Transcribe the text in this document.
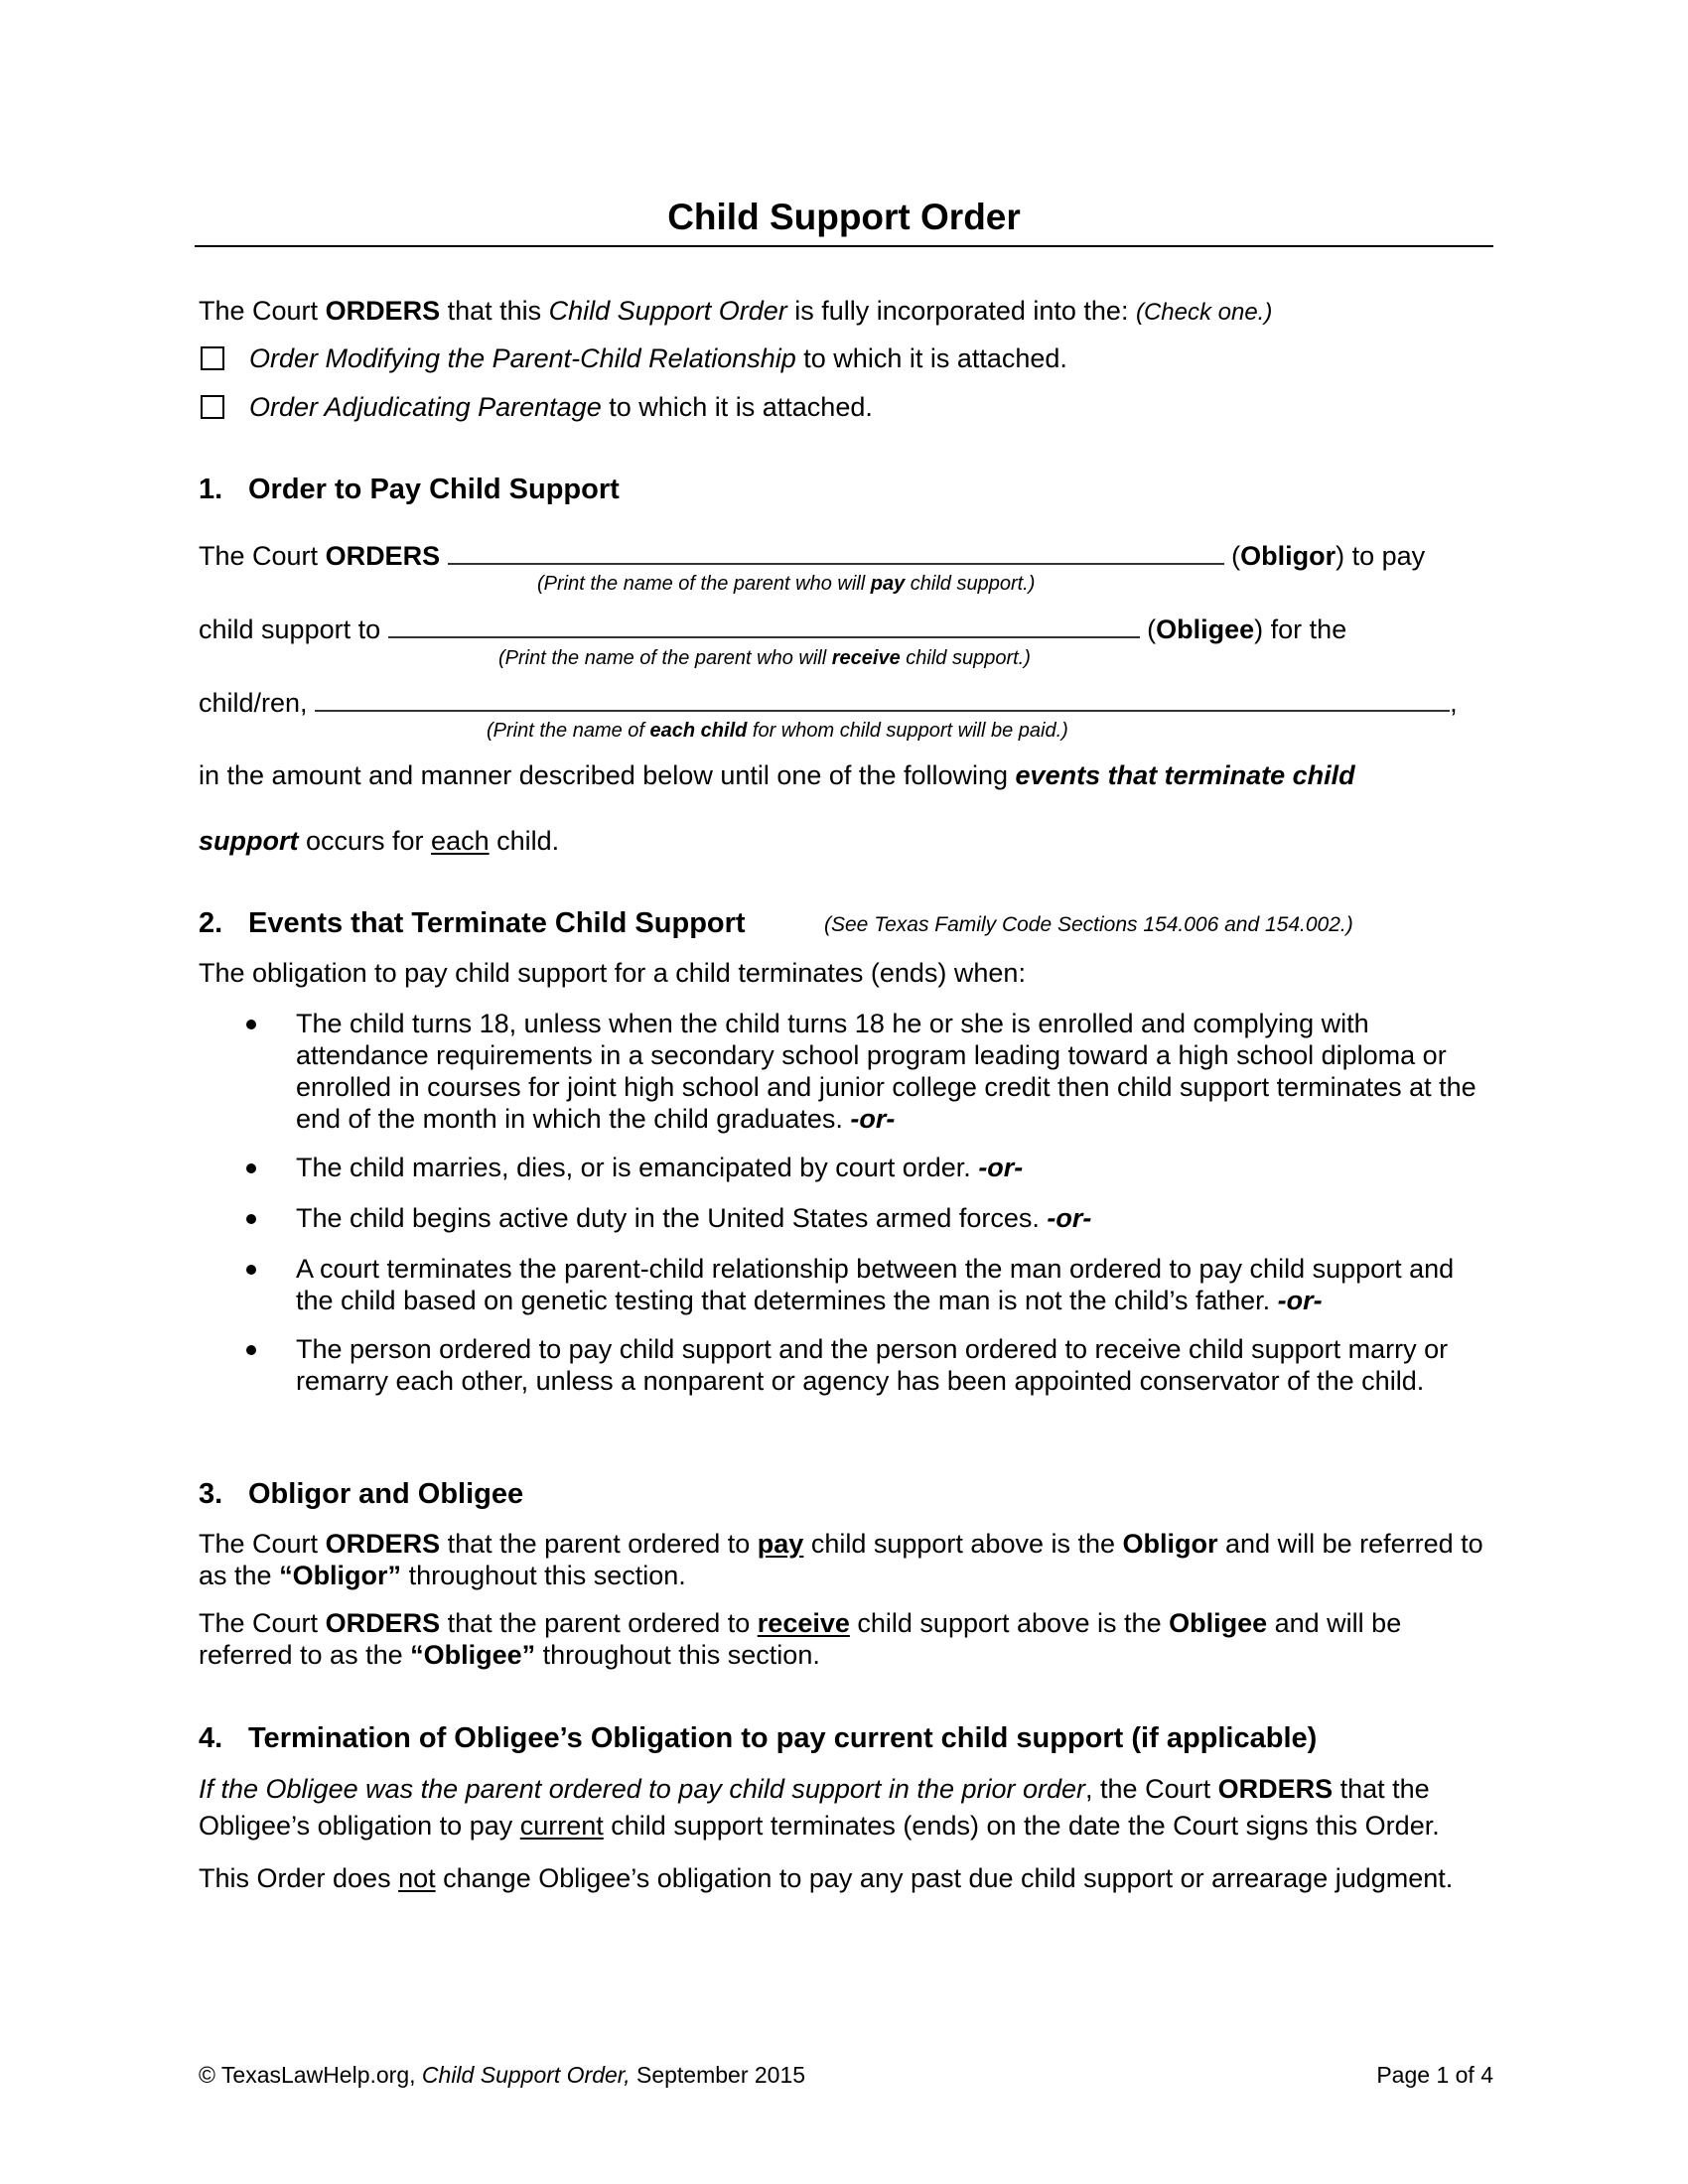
Child Support Order
The Court ORDERS that this Child Support Order is fully incorporated into the: (Check one.)
Order Modifying the Parent-Child Relationship to which it is attached.
Order Adjudicating Parentage to which it is attached.
1. Order to Pay Child Support
The Court ORDERS	(Obligor) to pay
(Print the name of the parent who will pay child support.)
child support to	(Obligee) for the
(Print the name of the parent who will receive child support.)
child/ren,	,
(Print the name of each child for whom child support will be paid.)
in the amount and manner described below until one of the following events that terminate child
support occurs for each child.
2. Events that Terminate Child Support	(See Texas Family Code Sections 154.006 and 154.002.)
The obligation to pay child support for a child terminates (ends) when:
The child turns 18, unless when the child turns 18 he or she is enrolled and complying with attendance requirements in a secondary school program leading toward a high school diploma or enrolled in courses for joint high school and junior college credit then child support terminates at the end of the month in which the child graduates. -or-
The child marries, dies, or is emancipated by court order. -or-
The child begins active duty in the United States armed forces. -or-
A court terminates the parent-child relationship between the man ordered to pay child support and the child based on genetic testing that determines the man is not the child’s father. -or-
The person ordered to pay child support and the person ordered to receive child support marry or remarry each other, unless a nonparent or agency has been appointed conservator of the child.
3. Obligor and Obligee
The Court ORDERS that the parent ordered to pay child support above is the Obligor and will be referred to as the “Obligor” throughout this section.
The Court ORDERS that the parent ordered to receive child support above is the Obligee and will be referred to as the “Obligee” throughout this section.
4. Termination of Obligee’s Obligation to pay current child support (if applicable)
If the Obligee was the parent ordered to pay child support in the prior order, the Court ORDERS that the Obligee’s obligation to pay current child support terminates (ends) on the date the Court signs this Order.
This Order does not change Obligee’s obligation to pay any past due child support or arrearage judgment.
© TexasLawHelp.org, Child Support Order, September 2015	Page 1 of 4
